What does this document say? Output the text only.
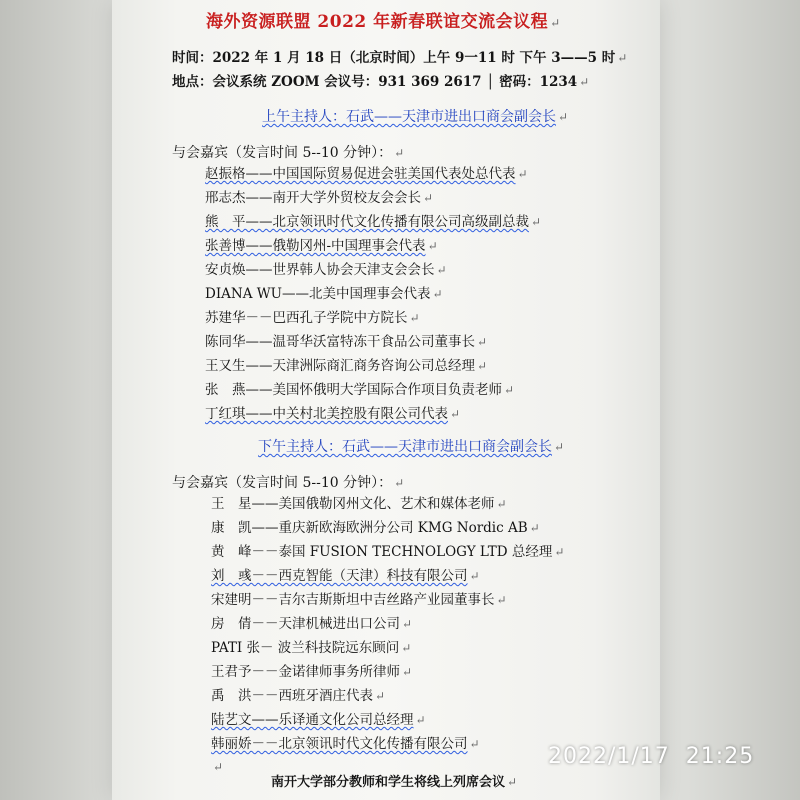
海外资源联盟 2022 年新春联谊交流会议程 ↵
时间：2022 年 1 月 18 日（北京时间）上午 9一11 时 下午 3——5 时 ↵
地点：会议系统 ZOOM 会议号：931 369 2617 │ 密码：1234 ↵
上午主持人：石武——天津市进出口商会副会长 ↵
与会嘉宾（发言时间 5--10 分钟）： ↵
赵振格——中国国际贸易促进会驻美国代表处总代表 ↵
邢志杰——南开大学外贸校友会会长 ↵
熊　平——北京领讯时代文化传播有限公司高级副总裁 ↵
张善博——俄勒冈州-中国理事会代表 ↵
安贞焕——世界韩人协会天津支会会长 ↵
DIANA WU——北美中国理事会代表 ↵
苏建华－－巴西孔子学院中方院长 ↵
陈同华——温哥华沃富特冻干食品公司董事长 ↵
王又生——天津洲际商汇商务咨询公司总经理 ↵
张　燕——美国怀俄明大学国际合作项目负责老师 ↵
丁红琪——中关村北美控股有限公司代表 ↵
下午主持人：石武——天津市进出口商会副会长 ↵
与会嘉宾（发言时间 5--10 分钟）： ↵
王　星——美国俄勒冈州文化、艺术和媒体老师 ↵
康　凯——重庆新欧海欧洲分公司 KMG Nordic AB ↵
黄　峰－－泰国 FUSION TECHNOLOGY LTD 总经理 ↵
刘　彧－－西克智能（天津）科技有限公司 ↵
宋建明－－吉尔吉斯斯坦中吉丝路产业园董事长 ↵
房　倩－－天津机械进出口公司 ↵
PATI 张－ 波兰科技院远东顾问 ↵
王君予－－金诺律师事务所律师 ↵
禹　洪－－西班牙酒庄代表 ↵
陆艺文——乐译通文化公司总经理 ↵
韩丽娇－－北京领讯时代文化传播有限公司 ↵
↵
南开大学部分教师和学生将线上列席会议 ↵
2022/1/17  21:25
